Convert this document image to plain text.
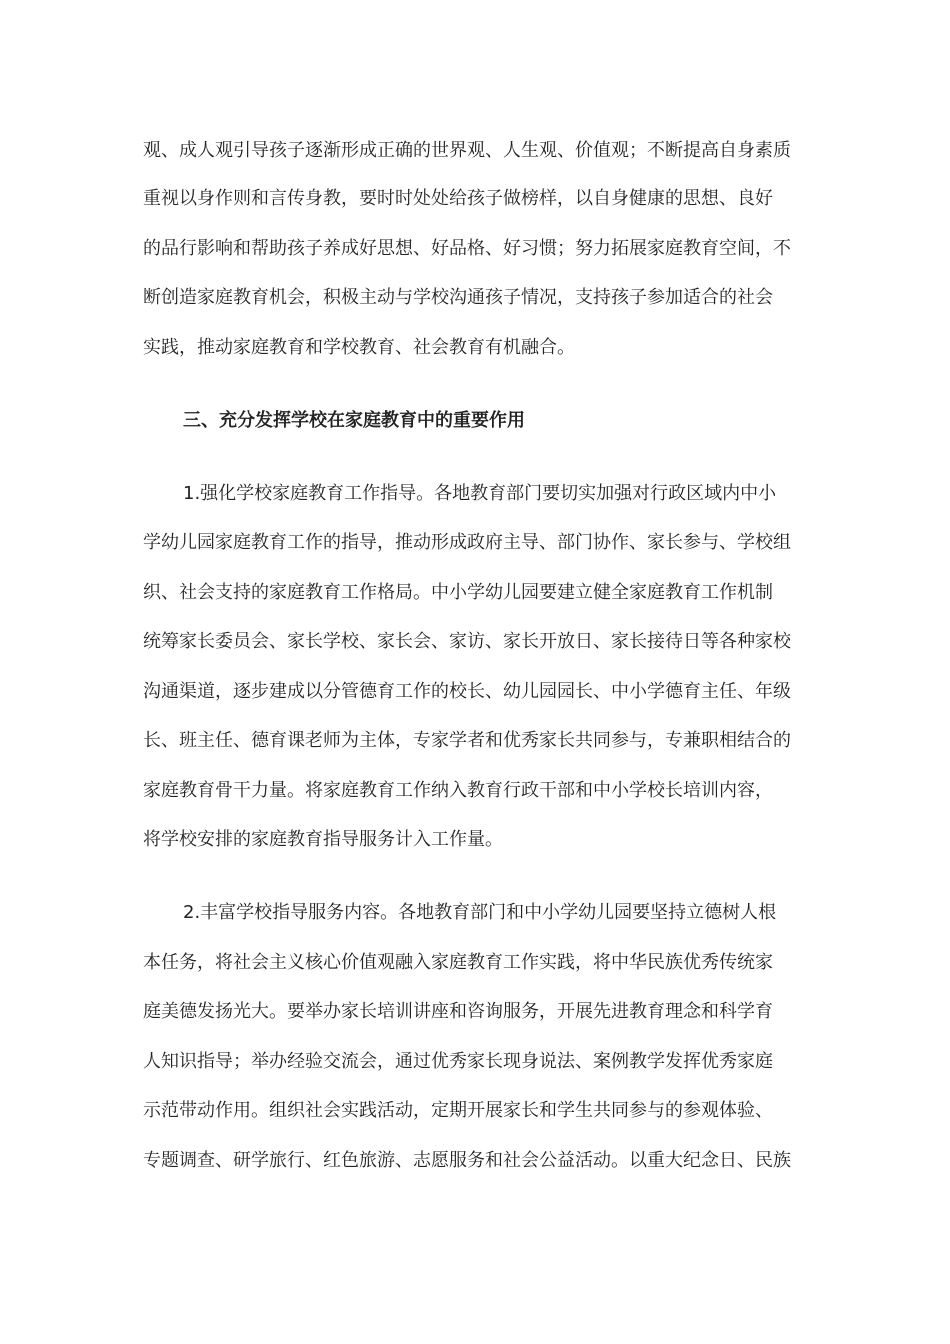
观、成人观引导孩子逐渐形成正确的世界观、人生观、价值观；不断提高自身素质
重视以身作则和言传身教，要时时处处给孩子做榜样，以自身健康的思想、良好
的品行影响和帮助孩子养成好思想、好品格、好习惯；努力拓展家庭教育空间，不
断创造家庭教育机会，积极主动与学校沟通孩子情况，支持孩子参加适合的社会
实践，推动家庭教育和学校教育、社会教育有机融合。
三、充分发挥学校在家庭教育中的重要作用
1.强化学校家庭教育工作指导。各地教育部门要切实加强对行政区域内中小
学幼儿园家庭教育工作的指导，推动形成政府主导、部门协作、家长参与、学校组
织、社会支持的家庭教育工作格局。中小学幼儿园要建立健全家庭教育工作机制
统筹家长委员会、家长学校、家长会、家访、家长开放日、家长接待日等各种家校
沟通渠道，逐步建成以分管德育工作的校长、幼儿园园长、中小学德育主任、年级
长、班主任、德育课老师为主体，专家学者和优秀家长共同参与，专兼职相结合的
家庭教育骨干力量。将家庭教育工作纳入教育行政干部和中小学校长培训内容，
将学校安排的家庭教育指导服务计入工作量。
2.丰富学校指导服务内容。各地教育部门和中小学幼儿园要坚持立德树人根
本任务，将社会主义核心价值观融入家庭教育工作实践，将中华民族优秀传统家
庭美德发扬光大。要举办家长培训讲座和咨询服务，开展先进教育理念和科学育
人知识指导；举办经验交流会，通过优秀家长现身说法、案例教学发挥优秀家庭
示范带动作用。组织社会实践活动，定期开展家长和学生共同参与的参观体验、
专题调查、研学旅行、红色旅游、志愿服务和社会公益活动。以重大纪念日、民族
